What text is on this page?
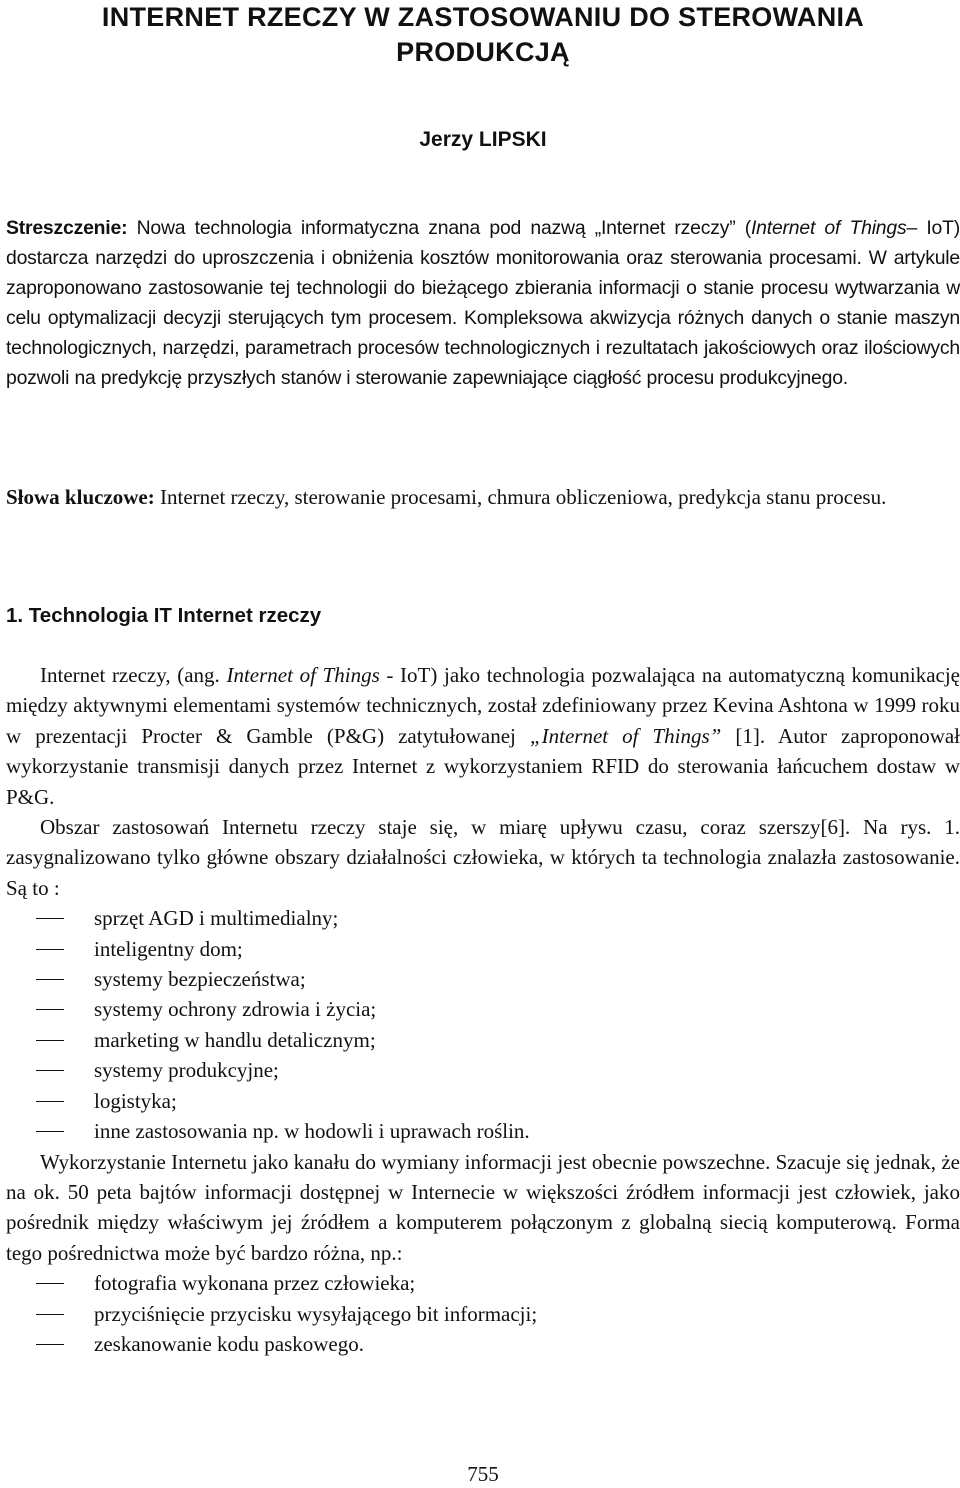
INTERNET RZECZY W ZASTOSOWANIU DO STEROWANIA
PRODUKCJĄ
Jerzy LIPSKI
Streszczenie: Nowa technologia informatyczna znana pod nazwą „Internet rzeczy” (Internet of Things– IoT) dostarcza narzędzi do uproszczenia i obniżenia kosztów monitorowania oraz sterowania procesami. W artykule zaproponowano zastosowanie tej technologii do bieżącego zbierania informacji o stanie procesu wytwarzania w celu optymalizacji decyzji sterujących tym procesem. Kompleksowa akwizycja różnych danych o stanie maszyn technologicznych, narzędzi, parametrach procesów technologicznych i rezultatach jakościowych oraz ilościowych pozwoli na predykcję przyszłych stanów i sterowanie zapewniające ciągłość procesu produkcyjnego.
Słowa kluczowe: Internet rzeczy, sterowanie procesami, chmura obliczeniowa, predykcja stanu procesu.
1. Technologia IT Internet rzeczy

Internet rzeczy, (ang. Internet of Things - IoT) jako technologia pozwalająca na automatyczną komunikację między aktywnymi elementami systemów technicznych, został zdefiniowany przez Kevina Ashtona w 1999 roku w prezentacji Procter & Gamble (P&G) zatytułowanej „Internet of Things” [1]. Autor zaproponował wykorzystanie transmisji danych przez Internet z wykorzystaniem RFID do sterowania łańcuchem dostaw w P&G.

Obszar zastosowań Internetu rzeczy staje się, w miarę upływu czasu, coraz szerszy[6]. Na rys. 1. zasygnalizowano tylko główne obszary działalności człowieka, w których ta technologia znalazła zastosowanie. Są to :

sprzęt AGD i multimedialny;
inteligentny dom;
systemy bezpieczeństwa;
systemy ochrony zdrowia i życia;
marketing w handlu detalicznym;
systemy produkcyjne;
logistyka;
inne zastosowania np. w hodowli i uprawach roślin.

Wykorzystanie Internetu jako kanału do wymiany informacji jest obecnie powszechne. Szacuje się jednak, że na ok. 50 peta bajtów informacji dostępnej w Internecie w większości źródłem informacji jest człowiek, jako pośrednik między właściwym jej źródłem a komputerem połączonym z globalną siecią komputerową. Forma tego pośrednictwa może być bardzo różna, np.:

fotografia wykonana przez człowieka;
przyciśnięcie przycisku wysyłającego bit informacji;
zeskanowanie kodu paskowego.
755
